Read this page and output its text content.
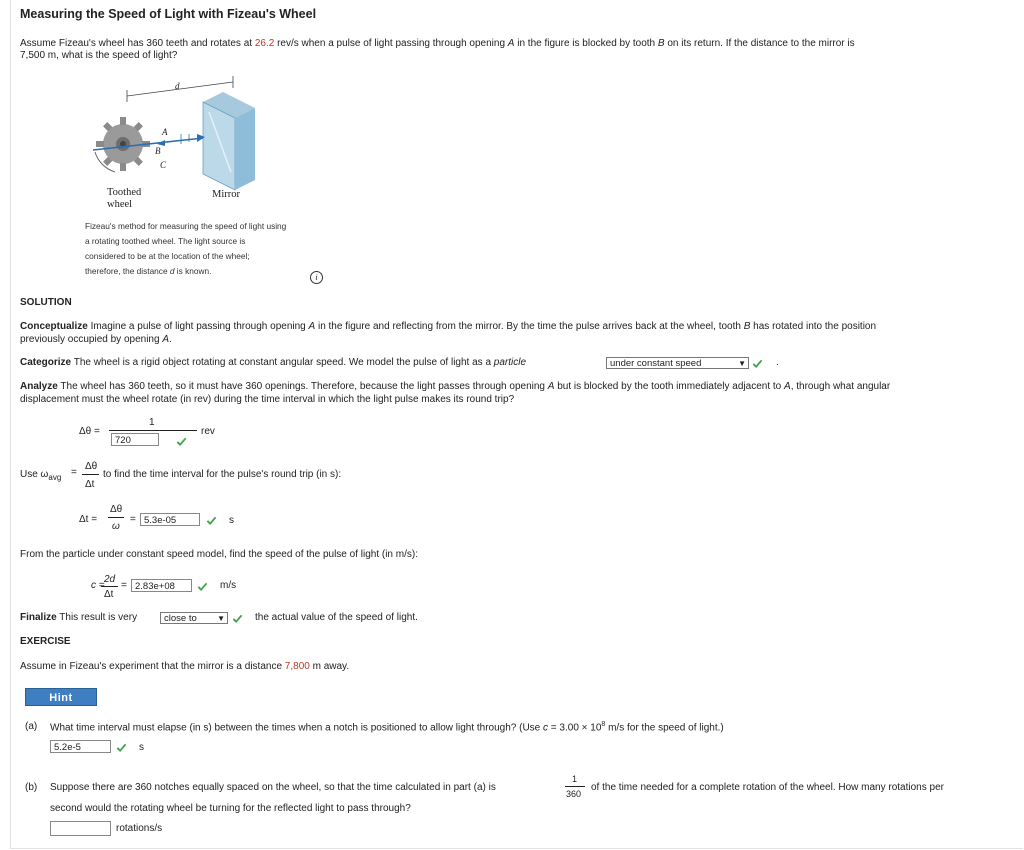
Measuring the Speed of Light with Fizeau's Wheel
Assume Fizeau's wheel has 360 teeth and rotates at 26.2 rev/s when a pulse of light passing through opening A in the figure is blocked by tooth B on its return. If the distance to the mirror is
7,500 m, what is the speed of light?
d
A
B
C
Toothed
wheel
Mirror
Fizeau's method for measuring the speed of light using
a rotating toothed wheel. The light source is
considered to be at the location of the wheel;
therefore, the distance d is known.
i
SOLUTION
Conceptualize Imagine a pulse of light passing through opening A in the figure and reflecting from the mirror. By the time the pulse arrives back at the wheel, tooth B has rotated into the position
previously occupied by opening A.
Categorize The wheel is a rigid object rotating at constant angular speed. We model the pulse of light as a particle	under constant speed	▼	.
Analyze The wheel has 360 teeth, so it must have 360 openings. Therefore, because the light passes through opening A but is blocked by the tooth immediately adjacent to A, through what angular
displacement must the wheel rotate (in rev) during the time interval in which the light pulse makes its round trip?
Δθ =
1
720
rev
Use $\omega_{avg}$ =
Δθ
Δt
to find the time interval for the pulse's round trip (in s):
Δt =
Δθ
ω
= 5.3e-05	s
From the particle under constant speed model, find the speed of the pulse of light (in m/s):
c =
2d
Δt
= 2.83e+08	m/s
Finalize This result is very	close to	▼	the actual value of the speed of light.
EXERCISE
Assume in Fizeau's experiment that the mirror is a distance 7,800 m away.
Hint
(a) What time interval must elapse (in s) between the times when a notch is positioned to allow light through? (Use $c = 3.00 \times 10^8$ m/s for the speed of light.)
5.2e-5	s
(b) Suppose there are 360 notches equally spaced on the wheel, so that the time calculated in part (a) is
1
360
of the time needed for a complete rotation of the wheel. How many rotations per
second would the rotating wheel be turning for the reflected light to pass through?
rotations/s
